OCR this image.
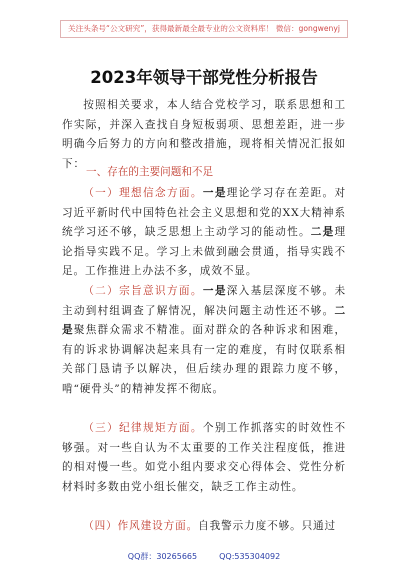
关注头条号“公文研究”，获得最新最全最专业的公文资料库！ 微信：gongwenyj
2023年领导干部党性分析报告

按照相关要求，本人结合党校学习，联系思想和工作实际，并深入查找自身短板弱项、思想差距，进一步明确今后努力的方向和整改措施，现将相关情况汇报如下：

一、存在的主要问题和不足

（一）理想信念方面。一是理论学习存在差距。对习近平新时代中国特色社会主义思想和党的XX大精神系统学习还不够，缺乏思想上主动学习的能动性。二是理论指导实践不足。学习上未做到融会贯通，指导实践不足。工作推进上办法不多，成效不显。

（二）宗旨意识方面。一是深入基层深度不够。未主动到村组调查了解情况，解决问题主动性还不够。二是聚焦群众需求不精准。面对群众的各种诉求和困难，有的诉求协调解决起来具有一定的难度，有时仅联系相关部门恳请予以解决，但后续办理的跟踪力度不够，啃“硬骨头”的精神发挥不彻底。

（三）纪律规矩方面。个别工作抓落实的时效性不够强。对一些自认为不太重要的工作关注程度低，推进的相对慢一些。如党小组内要求交心得体会、党性分析材料时多数由党小组长催交，缺乏工作主动性。

（四）作风建设方面。自我警示力度不够。只通过

QQ群：30265665	QQ:535304092
